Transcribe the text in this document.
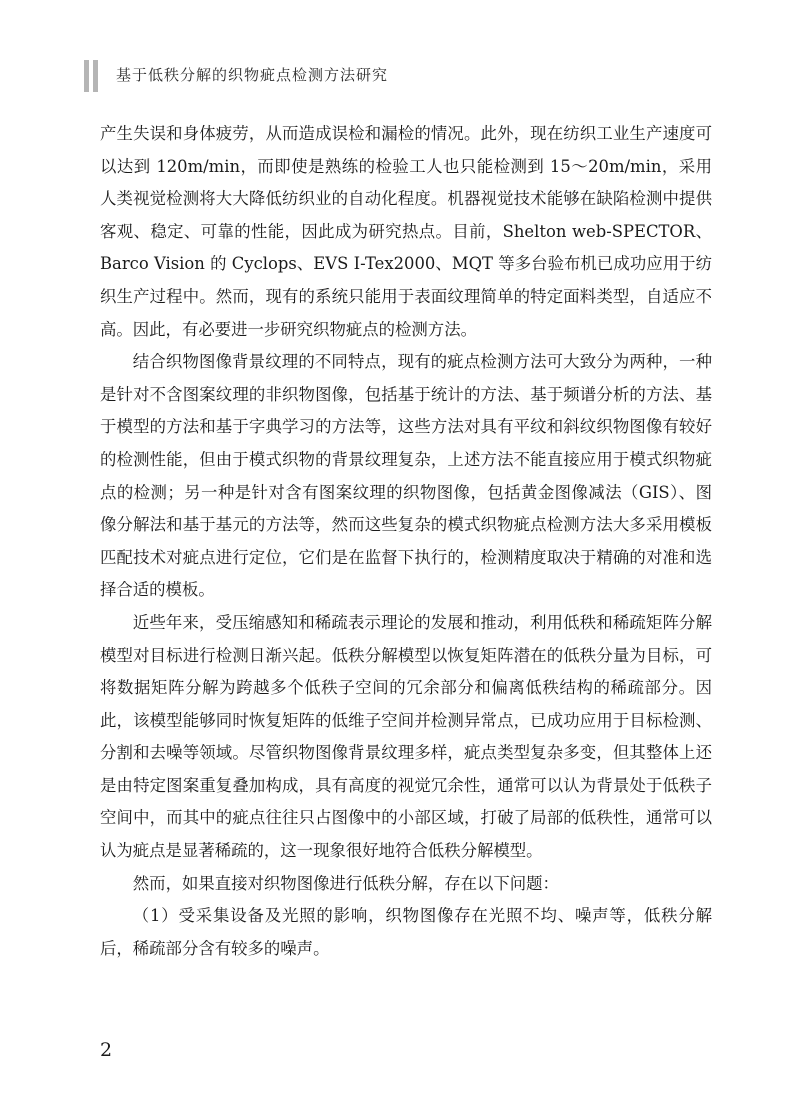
基于低秩分解的织物疵点检测方法研究

产生失误和身体疲劳，从而造成误检和漏检的情况。此外，现在纺织工业生产速度可以达到 120m/min，而即使是熟练的检验工人也只能检测到 15～20m/min，采用人类视觉检测将大大降低纺织业的自动化程度。机器视觉技术能够在缺陷检测中提供客观、稳定、可靠的性能，因此成为研究热点。目前，Shelton web-SPECTOR、Barco Vision 的 Cyclops、EVS I-Tex2000、MQT 等多台验布机已成功应用于纺织生产过程中。然而，现有的系统只能用于表面纹理简单的特定面料类型，自适应不高。因此，有必要进一步研究织物疵点的检测方法。

结合织物图像背景纹理的不同特点，现有的疵点检测方法可大致分为两种，一种是针对不含图案纹理的非织物图像，包括基于统计的方法、基于频谱分析的方法、基于模型的方法和基于字典学习的方法等，这些方法对具有平纹和斜纹织物图像有较好的检测性能，但由于模式织物的背景纹理复杂，上述方法不能直接应用于模式织物疵点的检测；另一种是针对含有图案纹理的织物图像，包括黄金图像减法（GIS）、图像分解法和基于基元的方法等，然而这些复杂的模式织物疵点检测方法大多采用模板匹配技术对疵点进行定位，它们是在监督下执行的，检测精度取决于精确的对准和选择合适的模板。

近些年来，受压缩感知和稀疏表示理论的发展和推动，利用低秩和稀疏矩阵分解模型对目标进行检测日渐兴起。低秩分解模型以恢复矩阵潜在的低秩分量为目标，可将数据矩阵分解为跨越多个低秩子空间的冗余部分和偏离低秩结构的稀疏部分。因此，该模型能够同时恢复矩阵的低维子空间并检测异常点，已成功应用于目标检测、分割和去噪等领域。尽管织物图像背景纹理多样，疵点类型复杂多变，但其整体上还是由特定图案重复叠加构成，具有高度的视觉冗余性，通常可以认为背景处于低秩子空间中，而其中的疵点往往只占图像中的小部区域，打破了局部的低秩性，通常可以认为疵点是显著稀疏的，这一现象很好地符合低秩分解模型。

然而，如果直接对织物图像进行低秩分解，存在以下问题：

（1）受采集设备及光照的影响，织物图像存在光照不均、噪声等，低秩分解后，稀疏部分含有较多的噪声。

2
